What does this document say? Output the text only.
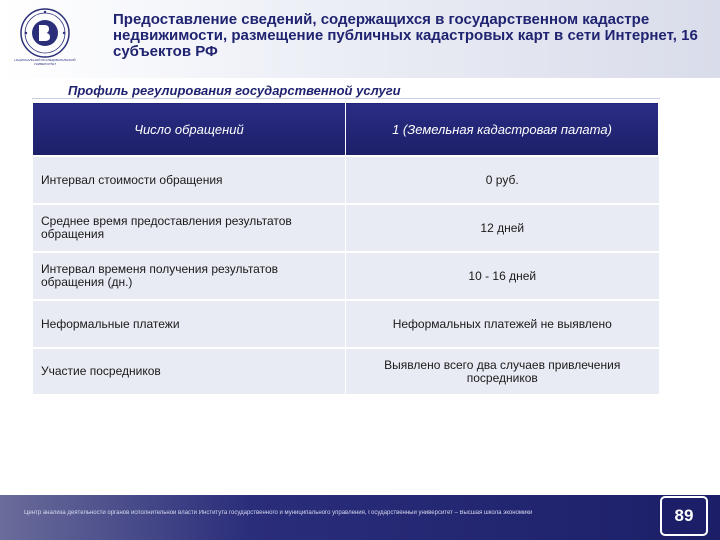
НАЦИОНАЛЬНЫЙ ИССЛЕДОВАТЕЛЬСКИЙ УНИВЕРСИТЕТ
Предоставление сведений, содержащихся в государственном кадастре недвижимости, размещение публичных кадастровых карт в сети Интернет, 16 субъектов РФ
Профиль регулирования государственной услуги
Число обращений	1 (Земельная кадастровая палата)
Интервал стоимости обращения	0 руб.
Среднее время предоставления результатов обращения	12 дней
Интервал временя получения результатов обращения (дн.)	10 - 16 дней
Неформальные платежи	Неформальных платежей не выявлено
Участие посредников	Выявлено всего два случаев привлечения посредников
Центр анализа деятельности органов исполнительной власти Института государственного и муниципального управления, Государственный университет – Высшая школа экономики	89
